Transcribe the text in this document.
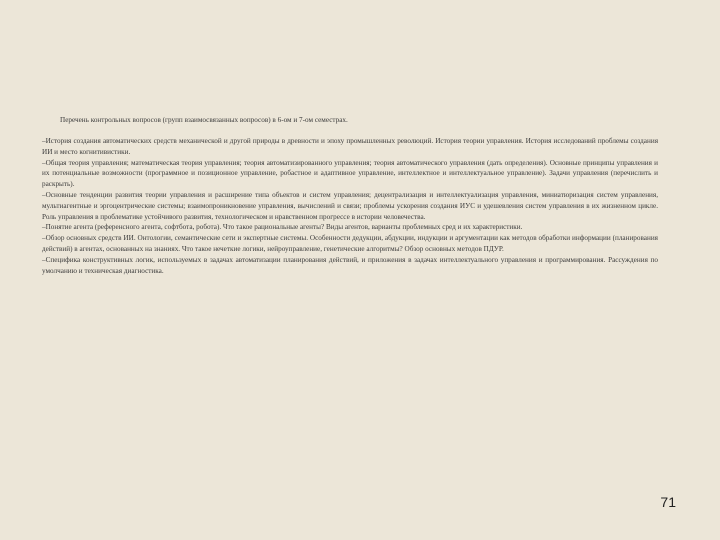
Перечень контрольных вопросов (групп взаимосвязанных вопросов) в 6-ом и 7-ом семестрах.

–История создания автоматических средств механической и другой природы в древности и эпоху промышленных революций. История теории управления. История исследований проблемы создания ИИ и место когнитивистики.

–Общая теория управления; математическая теория управления; теория автоматизированного управления; теория автоматического управления (дать определения). Основные принципы управления и их потенциальные возможности (программное и позиционное управление, робастное и адаптивное управление, интеллектное и интеллектуальное управление). Задачи управления (перечислить и раскрыть).

–Основные тенденции развития теории управления и расширение типа объектов и систем управления; децентрализация и интеллектуализация управления, миниатюризация систем управления, мультиагентные и эргоцентрические системы; взаимопроникновение управления, вычислений и связи; проблемы ускорения создания ИУС и удешевления систем управления в их жизненном цикле. Роль управления в проблематике устойчивого развития, технологическом и нравственном прогрессе в истории человечества.

–Понятие агента (референсного агента, софтбота, робота). Что такое рациональные агенты? Виды агентов, варианты проблемных сред и их характеристики.

–Обзор основных средств ИИ. Онтологии, семантические сети и экспертные системы. Особенности дедукции, абдукции, индукции и аргументации как методов обработки информации (планирования действий) в агентах, основанных на знаниях. Что такое нечеткие логики, нейроуправление, генетические алгоритмы? Обзор основных методов ПДУР.

–Специфика конструктивных логик, используемых в задачах автоматизации планирования действий, и приложения в задачах интеллектуального управления и программирования. Рассуждения по умолчанию и техническая диагностика.

71
